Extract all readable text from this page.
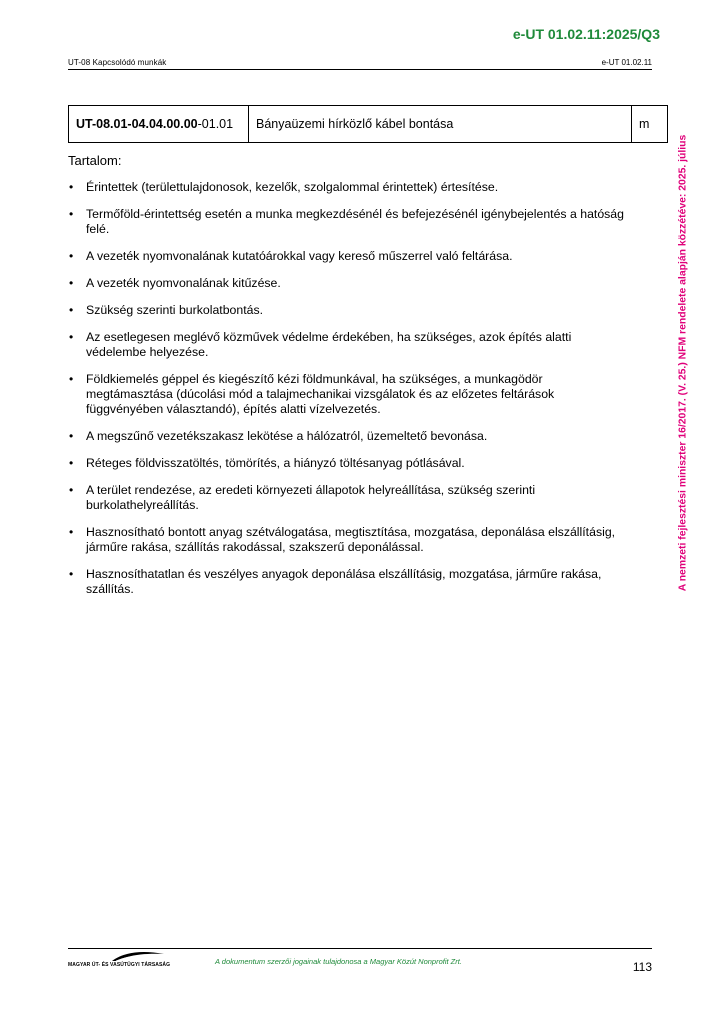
e-UT 01.02.11:2025/Q3
UT-08 Kapcsolódó munkák	e-UT 01.02.11
UT-08.01-04.04.00.00-01.01	Bányaüzemi hírközlő kábel bontása	m
Tartalom:
• Érintettek (területtulajdonosok, kezelők, szolgalommal érintettek) értesítése.
• Termőföld-érintettség esetén a munka megkezdésénél és befejezésénél igénybejelentés a hatóság felé.
• A vezeték nyomvonalának kutatóárokkal vagy kereső műszerrel való feltárása.
• A vezeték nyomvonalának kitűzése.
• Szükség szerinti burkolatbontás.
• Az esetlegesen meglévő közművek védelme érdekében, ha szükséges, azok építés alatti védelembe helyezése.
• Földkiemelés géppel és kiegészítő kézi földmunkával, ha szükséges, a munkagödör megtámasztása (dúcolási mód a talajmechanikai vizsgálatok és az előzetes feltárások függvényében választandó), építés alatti vízelvezetés.
• A megszűnő vezetékszakasz lekötése a hálózatról, üzemeltető bevonása.
• Réteges földvisszatöltés, tömörítés, a hiányzó töltésanyag pótlásával.
• A terület rendezése, az eredeti környezeti állapotok helyreállítása, szükség szerinti burkolathelyreállítás.
• Hasznosítható bontott anyag szétválogatása, megtisztítása, mozgatása, deponálása elszállításig, járműre rakása, szállítás rakodással, szakszerű deponálással.
• Hasznosíthatatlan és veszélyes anyagok deponálása elszállításig, mozgatása, járműre rakása, szállítás.	A nemzeti fejlesztési miniszter 16/2017. (V. 25.) NFM rendelete alapján közzétéve: 2025. július
MAGYAR ÚT- ÉS VASÚTÜGYI TÁRSASÁG	A dokumentum szerzői jogainak tulajdonosa a Magyar Közút Nonprofit Zrt.	113
